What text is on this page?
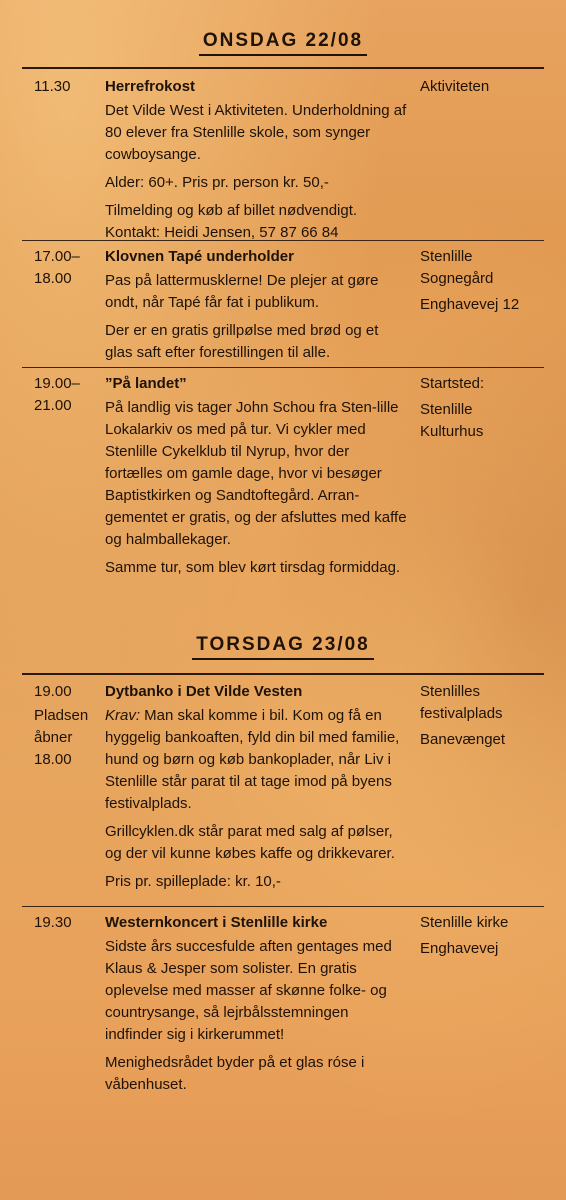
ONSDAG 22/08
11.30	Herrefrokost

Det Vilde West i Aktiviteten. Underholdning af 80 elever fra Stenlille skole, som synger cowboysange.

Alder: 60+. Pris pr. person kr. 50,-

Tilmelding og køb af billet nødvendigt. Kontakt: Heidi Jensen, 57 87 66 84

Aktiviteten
17.00–
18.00
Klovnen Tapé underholder

Pas på lattermusklerne! De plejer at gøre ondt, når Tapé får fat i publikum.

Der er en gratis grillpølse med brød og et glas saft efter forestillingen til alle.

Stenlille
Sognegård
Enghavevej 12
19.00–
21.00
”På landet”

På landlig vis tager John Schou fra Sten-lille Lokalarkiv os med på tur. Vi cykler med Stenlille Cykelklub til Nyrup, hvor der fortælles om gamle dage, hvor vi besøger Baptistkirken og Sandtoftegård. Arran-gementet er gratis, og der afsluttes med kaffe og halmballekager.

Samme tur, som blev kørt tirsdag formiddag.

Startsted:
Stenlille
Kulturhus
TORSDAG 23/08
19.00
Pladsen
åbner
18.00
Dytbanko i Det Vilde Vesten

Krav: Man skal komme i bil. Kom og få en hyggelig bankoaften, fyld din bil med familie, hund og børn og køb bankoplader, når Liv i Stenlille står parat til at tage imod på byens festivalplads.

Grillcyklen.dk står parat med salg af pølser, og der vil kunne købes kaffe og drikkevarer.

Pris pr. spilleplade: kr. 10,-

Stenlilles
festivalplads
Banevænget
19.30	Westernkoncert i Stenlille kirke

Sidste års succesfulde aften gentages med Klaus & Jesper som solister. En gratis oplevelse med masser af skønne folke- og countrysange, så lejrbålsstemningen indfinder sig i kirkerummet!

Menighedsrådet byder på et glas róse i våbenhuset.

Stenlille kirke
Enghavevej
